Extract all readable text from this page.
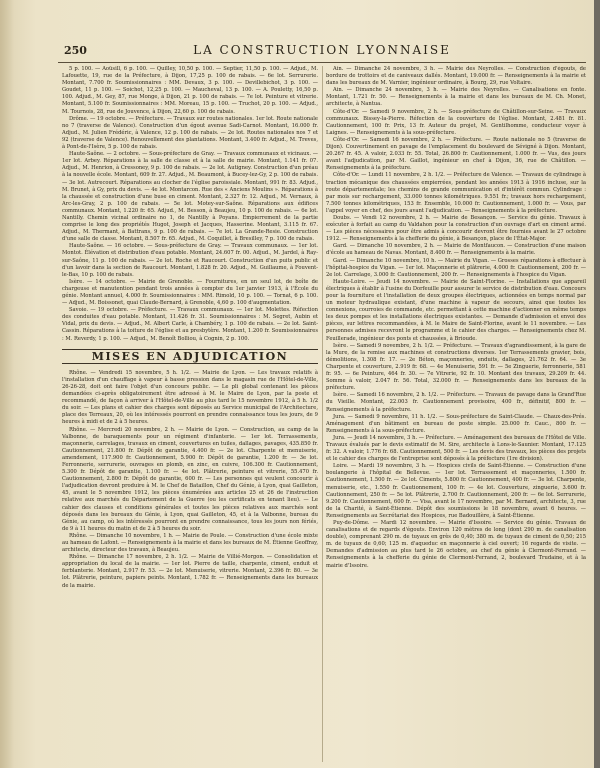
250	LA CONSTRUCTION LYONNAISE

5 p. 100. — Aoüsill, 6 p. 100. — Quilley, 10,50 p. 100. — Septier, 11,50 p. 100. — Adjud., M. Lafouette, 19, rue de la Préfecture, à Dijon, 17,25 p. 100 de rabais. — 6e lot. Serrurerie. Montant, 7.700 fr. Soumissionnaires : MM. Devaux, 3 p. 100. — Devillebichot, 3 p. 100. — Goudet, 11 p. 100. — Soichot, 12,25 p. 100. — Maucheval, 13 p. 100. — A. Pouletty, 16,50 p. 100. Adjud., M. Gey, 87, rue Monge, à Dijon, 21 p. 100 de rabais. — 7e lot. Peinture et vitrerie. Montant, 5.100 fr. Soumissionnaires : MM. Moreau, 15 p. 100. — Truchot, 20 p. 100. — Adjud., M. Tournois, 28, rue de Jouvence, à Dijon, 22,60 p. 100 de rabais.

Drôme. — 19 octobre. — Préfecture. — Travaux sur routes nationales. 1er lot. Route nationale no 7 (traverse de Valence). Construction d'un égout avenue Sadi-Carnot. Montant, 16.000 fr. Adjud., M. Julien Frédéric, à Valence, 12 p. 100 de rabais. — 2e lot. Routes nationales nos 7 et 92 (traverse de Valence). Renouvellement des plantations. Montant, 3.400 fr. Adjud., M. Treves, à Pont-de-l'Isère, 5 p. 100 de rabais.

Haute-Saône. — 2 octobre. — Sous-préfecture de Gray. — Travaux communaux et vicinaux. — 1er lot. Arbey. Réparations à la salle de classe et à la salle de mairie. Montant, 1.141 fr. 07. Adjud., M. Henrion, à Cressoney, 9 p. 100 de rabais. — 2e lot. Autigney. Construction d'un préau à la nouvelle école. Montant, 609 fr. 27. Adjud., M. Beaumont, à Bucey-lez-Gy, 2 p. 100 de rabais. — 3e lot. Autrecourt. Réparations au clocher de l'église paroissiale. Montant, 991 fr. 83. Adjud., M. Brunet, à Gy, prix du devis. — 4e lot. Montarcon. Rue des « Anciens Moulins ». Réparations à la chaussée et construction d'une buse en ciment. Montant, 2.327 fr. 12. Adjud., M. Vernaux, à Arc-les-Gray, 2 p. 100 de rabais. — 5e lot. Motey-sur-Saône. Réparations aux édifices communaux. Montant, 1.220 fr. 65. Adjud., M. Besson, à Beaujeu, 10 p. 100 de rabais. — 6e lot. Nantilly. Chemin vicinal ordinaire no 1, de Nantilly à Poyans. Empierrement de la partie comprise le long des propriétés Hugot, Joseph et Jacques, Hasserine. Montant, 3.115 fr. 67. Adjud., M. Thermant, à Battrans, 9 p. 100 de rabais. — 7e lot. La Grande-Resie. Construction d'une salle de classe. Montant, 8.507 fr. 65. Adjud., M. Coquillet, à Bresilley, 7 p. 100 de rabais.

Haute-Saône. — 16 octobre. — Sous-préfecture de Gray. — Travaux communaux. — 1er lot. Montot. Élévation et distribution d'eau potable. Montant, 24.607 fr. 00. Adjud., M. Jardel, à Ray-sur-Saône, 11 p. 100 de rabais. — 2e lot. Roche et Raucourt. Construction d'un puits public et d'un lavoir dans la section de Raucourt. Montant, 1.828 fr. 20. Adjud., M. Guillaume, à Fouvent-le-Bas, 10 p. 100 de rabais.

Isère. — 14 octobre. — Mairie de Grenoble. — Fournitures, en un seul lot, de boîte de chargeuse et manutention pendant trois années à compter du 1er janvier 1913, à l'École du génie. Montant annuel, 4.000 fr. Soumissionnaires : MM. Rimold, 10 p. 100. — Tornat, 6 p. 100. — Adjud., M. Boissonet, quai Claude-Bernard, à Grenoble, 4,60 p. 100 d'augmentation.

Savoie. — 19 octobre. — Préfecture. — Travaux communaux. — 1er lot. Molettes. Réfection des conduites d'eau potable. Montant, 11.426 fr. 31. Soumissionnaires : M. Segret, Aubin et Vidal, prix du devis. — Adjud., M. Albert Carle, à Chambéry, 1 p. 100 de rabais. — 2e lot. Saint-Cassin. Réparations à la toiture de l'église et au presbytère. Montant, 1.200 fr. Soumissionnaires : M. Reverdy, 1 p. 100. — Adjud., M. Benoît Bolliou, à Cognin, 2 p. 100.

MISES EN ADJUDICATION

Rhône. — Vendredi 15 novembre, 5 h. 1/2. — Mairie de Lyon. — Les travaux relatifs à l'installation d'un chauffage à vapeur à basse pression dans le magasin rue de l'Hôtel-de-Ville, 26-26-28, doit ont faire l'objet d'un concours public. — Le pli global contenant les pièces demandées ci-après obligatoirement être adressé à M. le Maire de Lyon, par la poste et recommandé, de façon à arriver à l'Hôtel-de-Ville au plus tard le 15 novembre 1912, à 5 h. 1/2 du soir. — Les plans et cahier des charges sont déposés au Service municipal de l'Architecture, place des Terreaux, 20, où les intéressés pourront en prendre connaissance tous les jours, de 9 heures à midi et de 2 à 5 heures.

Rhône. — Mercredi 20 novembre, 2 h. — Mairie de Lyon. — Construction, au camp de la Valbonne, de baraquements pour un régiment d'infanterie. — 1er lot. Terrassements, maçonnerie, carrelages, travaux en ciment, couvertures en tuiles, dallages, pavages, 435.850 fr. Cautionnement, 21.800 fr. Dépôt de garantie, 4.400 fr. — 2e lot. Charpente et menuiserie, amendement, 117.900 fr. Cautionnement, 5.900 fr. Dépôt de garantie, 1.200 fr. — 3e lot. Ferronnerie, serrurerie, ouvrages en plomb, en zinc, en cuivre, 106.300 fr. Cautionnement, 5.300 fr. Dépôt de garantie, 1.100 fr. — 4e lot. Plâtrerie, peinture et vitrerie, 55.470 fr. Cautionnement, 2.800 fr. Dépôt de garantie, 600 fr. — Les personnes qui veulent concourir à l'adjudication devront produire à M. le Chef de Bataillon, Chef du Génie, à Lyon, quai Gailleton, 45, avant le 5 novembre 1912, les pièces énumérées aux articles 25 et 26 de l'instruction relative aux marchés du Département de la Guerre (ou les certificats en tenant lieu). — Le cahier des clauses et conditions générales et toutes les pièces relatives aux marchés sont déposés dans les bureaux du Génie, à Lyon, quai Gailleton, 45, et à la Valbonne, bureau du Génie, au camp, où les intéressés pourront en prendre connaissance, tous les jours non fériés, de 9 à 11 heures du matin et de 2 à 5 heures du soir.

Rhône. — Dimanche 10 novembre, 1 h. — Mairie de Poule. — Construction d'une école mixte au hameau de Lafont. — Renseignements à la mairie et dans les bureaux de M. Étienne Geoffray, architecte, directeur des travaux, à Beaujeu.

Rhône. — Dimanche 17 novembre, 2 h. 1/2. — Mairie de Villié-Morgon. — Consolidation et appropriation du local de la mairie. — 1er lot. Pierre de taille, charpente, ciment, enduit et ferblanterie. Montant, 2.917 fr. 53. — 2e lot. Menuiserie, vitrerie. Montant, 2.396 fr. 80. — 3e lot. Plâtrerie, peinture, papiers peints. Montant, 1.782 fr. — Renseignements dans les bureaux de la mairie.

Ain. — Dimanche 24 novembre, 3 h. — Mairie des Neyrolles. — Construction d'égouts, de bordure de trottoirs et de caniveaux dallés. Montant, 19.000 fr. — Renseignements à la mairie et dans les bureaux de M. Varnier, ingénieur ordinaire, à Bourg, 29, rue Voltaire.

Ain. — Dimanche 24 novembre, 3 h. — Mairie des Neyrolles. — Canalisations en fonte. Montant, 1.721 fr. 50. — Renseignements à la mairie et dans les bureaux de M. Ch. Monet, architecte, à Nantua.

Côte-d'Or. — Samedi 9 novembre, 2 h. — Sous-préfecture de Châtillon-sur-Seine. — Travaux communaux. Bissey-la-Pierre. Réfection de la couverture de l'église. Montant, 2.481 fr. 81. Cautionnement, 100 fr. Prix, 13 fr. Auteur du projet, M. Gentilhomme, conducteur voyer à Laignes. — Renseignements à la sous-préfecture.

Côte-d'Or. — Samedi 16 novembre, 2 h. — Préfecture. — Route nationale no 5 (traverse de Dijon). Couvertinement en pavage de l'emplacement du boulevard de Sévigné à Dijon. Montant, 20.267 fr. 45. A valoir, 2.033 fr. 55. Total, 26.800 fr. Cautionnement, 1.000 fr. — Vus, des jours avant l'adjudication, par M. Gaillot, ingénieur en chef à Dijon, 36, rue de Châtillon. — Renseignements à la préfecture.

Côte-d'Or. — Lundi 11 novembre, 2 h. 1/2. — Préfecture de Valence. — Travaux de cylindrage à traction mécanique des chaussées empierrées, pendant les années 1913 à 1916 incluse, sur la route départementale; les chemins de grande communication et d'intérêt commun. Cylindrage : par mois sur rechargement, 33.000 tonnes kilométriques. 9.551 fr.; travaux hors rechargement, 7.500 tonnes kilométriques, 153 fr. Ensemble, 10.000 fr. Cautionnement, 1.000 fr. — Vous, par l'appel voyer en chef, des jours avant l'adjudication. — Renseignements à la préfecture.

Doubs. — Vendi 12 novembre, 2 h. — Mairie de Besançon. — Service du génie. Travaux à exécuter à forfait au camp du Valdahon pour la construction d'un ouvrage d'art en ciment armé. — Les pièces nécessaires pour être admis à concourir devront être fournies avant le 27 octobre 1912. — Renseignements à la chefferie du génie, à Besançon, place de l'État-Major.

Gard. — Dimanche 10 novembre, 2 h. — Mairie de Montfaucon. — Construction d'une maison d'école au hameau de Navas. Montant, 8.400 fr. — Renseignements à la mairie.

Gard. — Dimanche 10 novembre, 10 h. — Mairie du Vigan. — Grosses réparations à effectuer à l'hôpital-hospice du Vigan. — 1er lot. Maçonnerie et plâtrerie, 4.000 fr. Cautionnement, 200 fr. — 2e lot. Carrelage, 3.000 fr. Cautionnement, 200 fr. — Renseignements à l'hospice du Vigan.

Haute-Loire. — Jeudi 14 novembre. — Mairie de Saint-Florine. — Installations que appareil électriques à établir à l'usine du Dorfeuille pour assurer le service de distribution d'eau. Concours pour la fourniture et l'installation de deux groupes électriques, actionnées en temps normal par un moteur hydraulique existant, d'une machine à vapeur de secours, ainsi que toutes les connexions, courroies de commande, etc. permettant à cette machine d'actionner en même temps les deux pompes et les installations électriques existantes. — Demande d'admission et envoi des pièces, sur lettres recommandées, à M. le Maire de Saint-Florine, avant le 11 novembre. — Les personnes admises recevront le programme et le cahier des charges. — Renseignements chez M. Feuillerade, ingénieur des ponts et chaussées, à Brioude.

Isère. — Samedi 9 novembre, 2 h. 1/2. — Préfecture. — Travaux d'agrandissement, à la gare de la Mure, de la remise aux machines et constructions diverses. 1er Terrassements gravier, bois, démolitions, 1.308 fr. 17. — 2e Béton, maçonneries, enduits, dallages, 21.762 fr. 64. — 3e Charpente et couverture, 2.919 fr. 68. — 4e Menuiserie, 591 fr. — 5e Zinguerie, ferronnerie, 581 fr. 95. — 6e Peinture, 464 fr. 30. — 7e Vitrerie, 92 fr. 10. Montant des travaux, 29.209 fr. 44. Somme à valoir, 2.047 fr. 56. Total, 32.000 fr. — Renseignements dans les bureaux de la préfecture.

Isère. — Samedi 16 novembre, 2 h. 1/2. — Préfecture. — Travaux de pavage dans la Grand'Rue du Vieille. Montant, 22.003 fr. Cautionnement provisoire, 400 fr., définitif, 800 fr. — Renseignements à la préfecture.

Jura. — Samedi 9 novembre, 11 h. 1/2. — Sous-préfecture de Saint-Claude. — Chaux-des-Prés. Aménagement d'un bâtiment en bureau de poste simple. 25.000 fr. Cauc., 800 fr. — Renseignements à la sous-préfecture.

Jura. — Jeudi 14 novembre, 3 h. — Préfecture. — Aménagement des bureaux de l'Hôtel de Ville. Travaux évalués par le devis estimatif de M. Sire, architecte à Lons-le-Saunier. Montant, 17.125 fr. 32. A valoir, 1.776 fr. 68. Cautionnement, 500 fr. — Les devis des travaux, les pièces des projets et le cahier des charges de l'entreprise sont déposés à la préfecture (1re division).

Loire. — Mardi 19 novembre, 3 h. — Hospices civils de Saint-Étienne. — Construction d'une boulangerie à l'hôpital de Bellevue. — 1er lot. Terrassement et maçonneries, 1.500 fr. Cautionnement, 1.500 fr. — 2e lot. Ciments, 5.800 fr. Cautionnement, 400 fr. — 3e lot. Charpente, menuiserie, etc., 1.550 fr. Cautionnement, 100 fr. — 4e lot. Couverture, zinguerie, 3.600 fr. Cautionnement, 250 fr. — 5e lot. Plâtrerie, 2.700 fr. Cautionnement, 200 fr. — 6e lot. Serrurerie, 9.200 fr. Cautionnement, 600 fr. — Visa, avant le 17 novembre, par M. Bernard, architecte, 3, rue de la Charité, à Saint-Étienne. Dépôt des soumissions le 18 novembre, avant 6 heures. — Renseignements au Secrétariat des Hospices, rue Badouillère, à Saint-Étienne.

Puy-de-Dôme. — Mardi 12 novembre. — Mairie d'Issoire. — Service du génie. Travaux de canalisations et de regards d'égouts. Environ 120 mètres de long (dont 290 m. de canalisation double), comprenant 290 m. de tuyaux en grès de 0,40; 380 m. de tuyaux de ciment de 0,50; 215 m. de tuyaux de 0,60; 125 m. d'aqueduc en maçonnerie à ciel ouvert; 16 regards de visite. — Demandes d'admission au plus tard le 26 octobre, au chef du génie à Clermont-Ferrand. — Renseignements à la chefferie du génie de Clermont-Ferrand, 2, boulevard Trudaine, et à la mairie d'Issoire.
